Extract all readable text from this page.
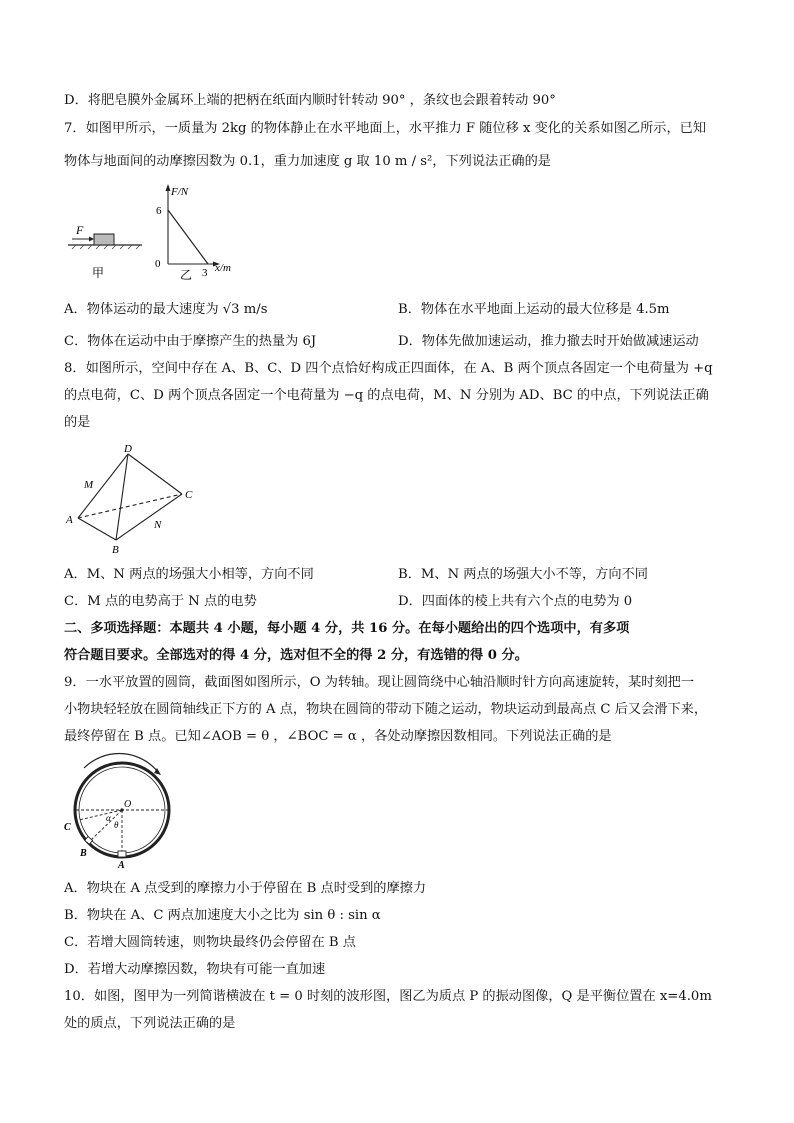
D．将肥皂膜外金属环上端的把柄在纸面内顺时针转动 90° ，条纹也会跟着转动 90°
7．如图甲所示，一质量为 2kg 的物体静止在水平地面上，水平推力 F 随位移 x 变化的关系如图乙所示，已知
物体与地面间的动摩擦因数为 0.1，重力加速度 g 取 10 m / s²，下列说法正确的是
F
甲
F/N
x/m
6
0
3
乙
A．物体运动的最大速度为 √3 m/s	B．物体在水平地面上运动的最大位移是 4.5m
C．物体在运动中由于摩擦产生的热量为 6J	D．物体先做加速运动，推力撤去时开始做减速运动
8．如图所示，空间中存在 A、B、C、D 四个点恰好构成正四面体，在 A、B 两个顶点各固定一个电荷量为 +q
的点电荷，C、D 两个顶点各固定一个电荷量为 −q 的点电荷，M、N 分别为 AD、BC 的中点，下列说法正确
的是
D
A
B
C
M
N
A．M、N 两点的场强大小相等，方向不同	B．M、N 两点的场强大小不等，方向不同
C．M 点的电势高于 N 点的电势	D．四面体的棱上共有六个点的电势为 0
二、多项选择题：本题共 4 小题，每小题 4 分，共 16 分。在每小题给出的四个选项中，有多项
符合题目要求。全部选对的得 4 分，选对但不全的得 2 分，有选错的得 0 分。
9．一水平放置的圆筒，截面图如图所示，O 为转轴。现让圆筒绕中心轴沿顺时针方向高速旋转，某时刻把一
小物块轻轻放在圆筒轴线正下方的 A 点，物块在圆筒的带动下随之运动，物块运动到最高点 C 后又会滑下来，
最终停留在 B 点。已知∠AOB = θ ，∠BOC = α ，各处动摩擦因数相同。下列说法正确的是
O
α
θ
C
B
A
A．物块在 A 点受到的摩擦力小于停留在 B 点时受到的摩擦力
B．物块在 A、C 两点加速度大小之比为 sin θ : sin α
C．若增大圆筒转速，则物块最终仍会停留在 B 点
D．若增大动摩擦因数，物块有可能一直加速
10．如图，图甲为一列简谐横波在 t = 0 时刻的波形图，图乙为质点 P 的振动图像，Q 是平衡位置在 x=4.0m
处的质点，下列说法正确的是
